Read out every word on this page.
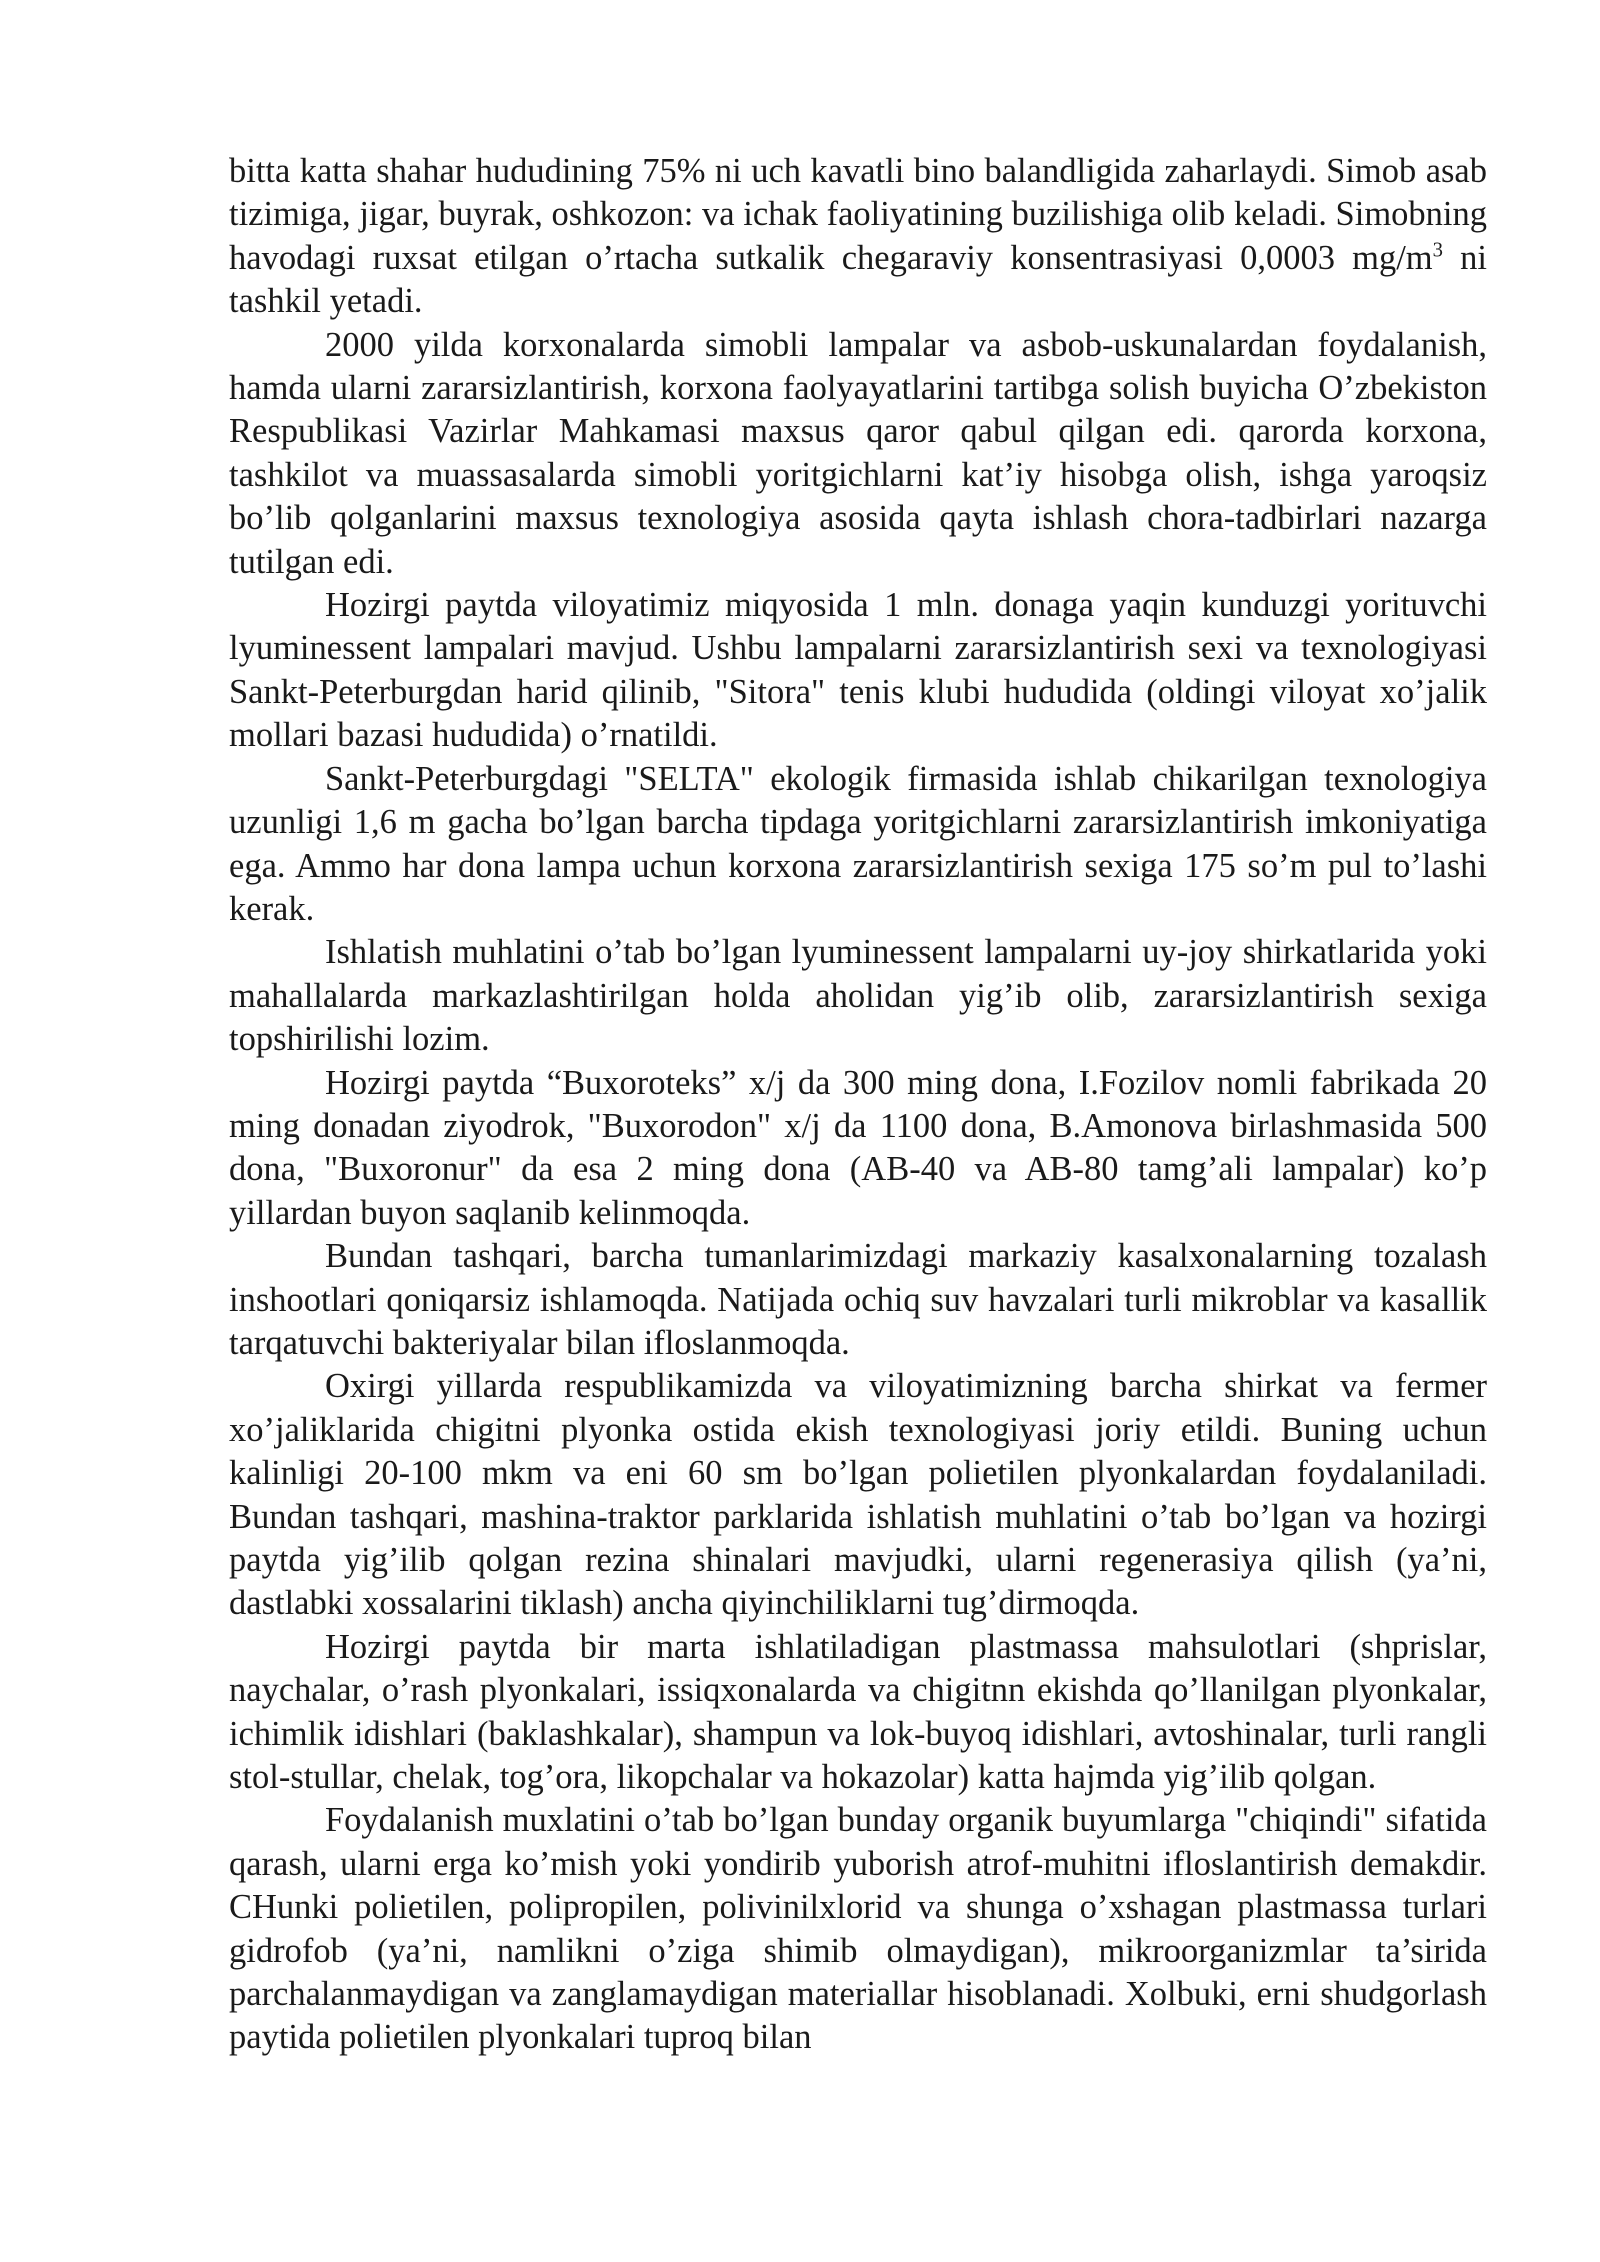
bitta katta shahar hududining 75% ni uch kavatli bino balandligida zaharlaydi. Simob asab tizimiga, jigar, buyrak, oshkozon: va ichak faoliyatining buzilishiga olib keladi. Simobning havodagi ruxsat etilgan o’rtacha sutkalik chegaraviy konsentrasiyasi 0,0003 $mg/m^3$ ni tashkil yetadi.

2000 yilda korxonalarda simobli lampalar va asbob-uskunalardan foydalanish, hamda ularni zararsizlantirish, korxona faolyayatlarini tartibga solish buyicha O’zbekiston Respublikasi Vazirlar Mahkamasi maxsus qaror qabul qilgan edi. qarorda korxona, tashkilot va muassasalarda simobli yoritgichlarni kat’iy hisobga olish, ishga yaroqsiz bo’lib qolganlarini maxsus texnologiya asosida qayta ishlash chora-tadbirlari nazarga tutilgan edi.

Hozirgi paytda viloyatimiz miqyosida 1 mln. donaga yaqin kunduzgi yorituvchi lyuminessent lampalari mavjud. Ushbu lampalarni zararsizlantirish sexi va texnologiyasi Sankt-Peterburgdan harid qilinib, "Sitora" tenis klubi hududida (oldingi viloyat xo’jalik mollari bazasi hududida) o’rnatildi.

Sankt-Peterburgdagi "SELTA" ekologik firmasida ishlab chikarilgan texnologiya uzunligi 1,6 m gacha bo’lgan barcha tipdaga yoritgichlarni zararsizlantirish imkoniyatiga ega. Ammo har dona lampa uchun korxona zararsizlantirish sexiga 175 so’m pul to’lashi kerak.

Ishlatish muhlatini o’tab bo’lgan lyuminessent lampalarni uy-joy shirkatlarida yoki mahallalarda markazlashtirilgan holda aholidan yig’ib olib, zararsizlantirish sexiga topshirilishi lozim.

Hozirgi paytda “Buxoroteks” x/j da 300 ming dona, I.Fozilov nomli fabrikada 20 ming donadan ziyodrok, "Buxorodon" x/j da 1100 dona, B.Amonova birlashmasida 500 dona, "Buxoronur" da esa 2 ming dona (AB-40 va AB-80 tamg’ali lampalar) ko’p yillardan buyon saqlanib kelinmoqda.

Bundan tashqari, barcha tumanlarimizdagi markaziy kasalxonalarning tozalash inshootlari qoniqarsiz ishlamoqda. Natijada ochiq suv havzalari turli mikroblar va kasallik tarqatuvchi bakteriyalar bilan ifloslanmoqda.

Oxirgi yillarda respublikamizda va viloyatimizning barcha shirkat va fermer xo’jaliklarida chigitni plyonka ostida ekish texnologiyasi joriy etildi. Buning uchun kalinligi 20-100 mkm va eni 60 sm bo’lgan polietilen plyonkalardan foydalaniladi. Bundan tashqari, mashina-traktor parklarida ishlatish muhlatini o’tab bo’lgan va hozirgi paytda yig’ilib qolgan rezina shinalari mavjudki, ularni regenerasiya qilish (ya’ni, dastlabki xossalarini tiklash) ancha qiyinchiliklarni tug’dirmoqda.

Hozirgi paytda bir marta ishlatiladigan plastmassa mahsulotlari (shprislar, naychalar, o’rash plyonkalari, issiqxonalarda va chigitnn ekishda qo’llanilgan plyonkalar, ichimlik idishlari (baklashkalar), shampun va lok-buyoq idishlari, avtoshinalar, turli rangli stol-stullar, chelak, tog’ora, likopchalar va hokazolar) katta hajmda yig’ilib qolgan.

Foydalanish muxlatini o’tab bo’lgan bunday organik buyumlarga "chiqindi" sifatida qarash, ularni erga ko’mish yoki yondirib yuborish atrof-muhitni ifloslantirish demakdir. CHunki polietilen, polipropilen, polivinilxlorid va shunga o’xshagan plastmassa turlari gidrofob (ya’ni, namlikni o’ziga shimib olmaydigan), mikroorganizmlar ta’sirida parchalanmaydigan va zanglamaydigan materiallar hisoblanadi. Xolbuki, erni shudgorlash paytida polietilen plyonkalari tuproq bilan
